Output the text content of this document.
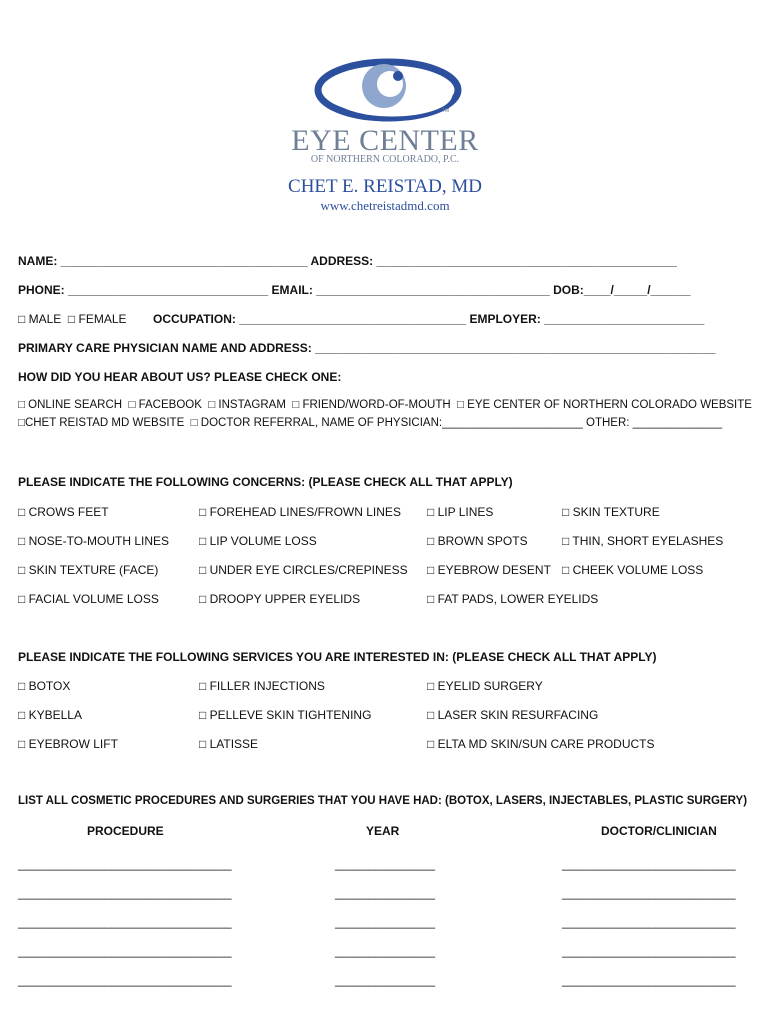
TM
EYE CENTER
OF NORTHERN COLORADO, P.C.
CHET E. REISTAD, MD
www.chetreistadmd.com
NAME: _____________________________________ ADDRESS: _____________________________________________
PHONE: ______________________________ EMAIL: ___________________________________ DOB:____/_____/______
□ MALE  □ FEMALE OCCUPATION: __________________________________ EMPLOYER: ________________________
PRIMARY CARE PHYSICIAN NAME AND ADDRESS: ____________________________________________________________
HOW DID YOU HEAR ABOUT US? PLEASE CHECK ONE:
□ ONLINE SEARCH  □ FACEBOOK  □ INSTAGRAM  □ FRIEND/WORD-OF-MOUTH  □ EYE CENTER OF NORTHERN COLORADO WEBSITE
□CHET REISTAD MD WEBSITE  □ DOCTOR REFERRAL, NAME OF PHYSICIAN:______________________ OTHER: ______________
PLEASE INDICATE THE FOLLOWING CONCERNS: (PLEASE CHECK ALL THAT APPLY)
□ CROWS FEET	□ FOREHEAD LINES/FROWN LINES □ LIP LINES	□ SKIN TEXTURE
□ NOSE-TO-MOUTH LINES □ LIP VOLUME LOSS	□ BROWN SPOTS	□ THIN, SHORT EYELASHES
□ SKIN TEXTURE (FACE)	□ UNDER EYE CIRCLES/CREPINESS □ EYEBROW DESENT □ CHEEK VOLUME LOSS
□ FACIAL VOLUME LOSS	□ DROOPY UPPER EYELIDS	□ FAT PADS, LOWER EYELIDS
PLEASE INDICATE THE FOLLOWING SERVICES YOU ARE INTERESTED IN: (PLEASE CHECK ALL THAT APPLY)
□ BOTOX	□ FILLER INJECTIONS	□ EYELID SURGERY
□ KYBELLA	□ PELLEVE SKIN TIGHTENING	□ LASER SKIN RESURFACING
□ EYEBROW LIFT	□ LATISSE	□ ELTA MD SKIN/SUN CARE PRODUCTS
LIST ALL COSMETIC PROCEDURES AND SURGERIES THAT YOU HAVE HAD: (BOTOX, LASERS, INJECTABLES, PLASTIC SURGERY)
PROCEDURE	YEAR	DOCTOR/CLINICIAN
________________________________	_______________	__________________________
________________________________	_______________	__________________________
________________________________	_______________	__________________________
________________________________	_______________	__________________________
________________________________	_______________	__________________________
